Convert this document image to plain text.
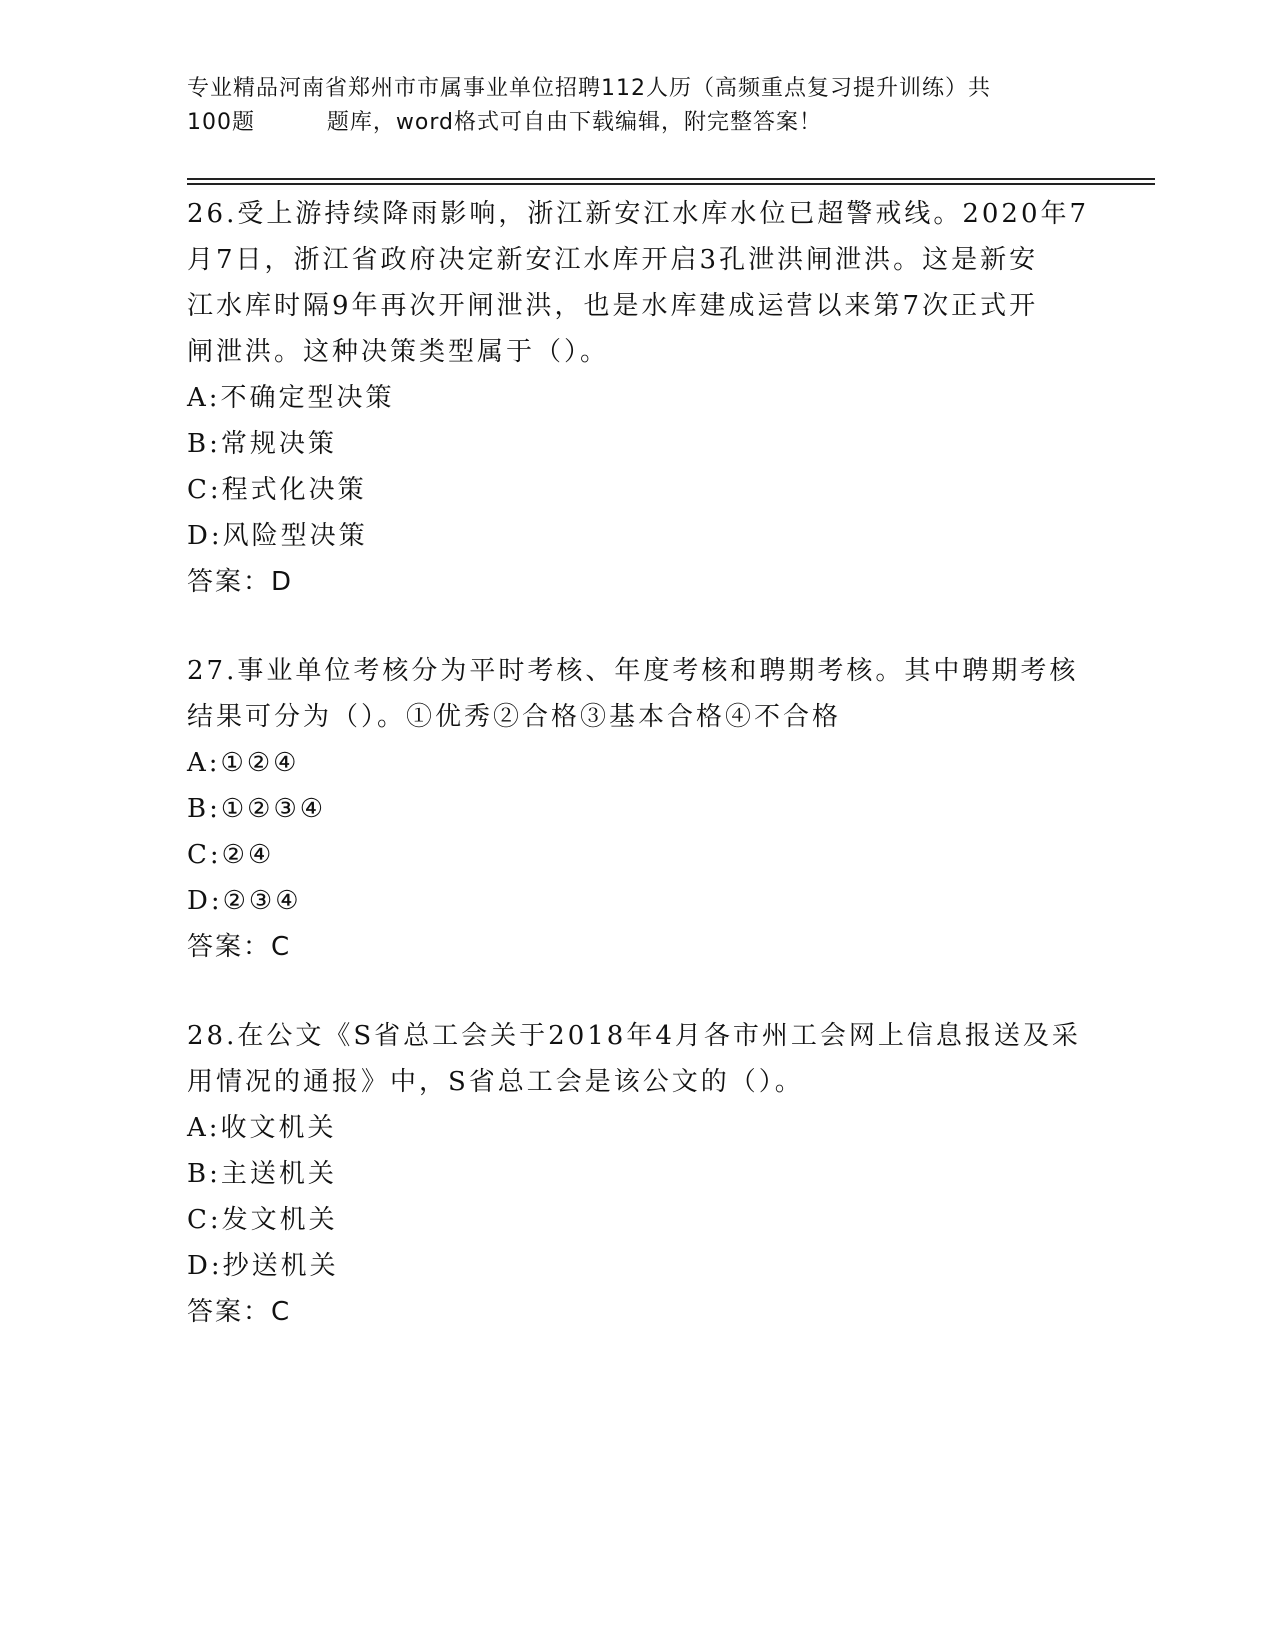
专业精品河南省郑州市市属事业单位招聘112人历（高频重点复习提升训练）共
100题         题库，word格式可自由下载编辑，附完整答案！
26.受上游持续降雨影响，浙江新安江水库水位已超警戒线。2020年7
月7日，浙江省政府决定新安江水库开启3孔泄洪闸泄洪。这是新安
江水库时隔9年再次开闸泄洪，也是水库建成运营以来第7次正式开
闸泄洪。这种决策类型属于（）。
A:不确定型决策
B:常规决策
C:程式化决策
D:风险型决策
答案：D
27.事业单位考核分为平时考核、年度考核和聘期考核。其中聘期考核
结果可分为（）。①优秀②合格③基本合格④不合格
A:①②④
B:①②③④
C:②④
D:②③④
答案：C
28.在公文《S省总工会关于2018年4月各市州工会网上信息报送及采
用情况的通报》中，S省总工会是该公文的（）。
A:收文机关
B:主送机关
C:发文机关
D:抄送机关
答案：C
